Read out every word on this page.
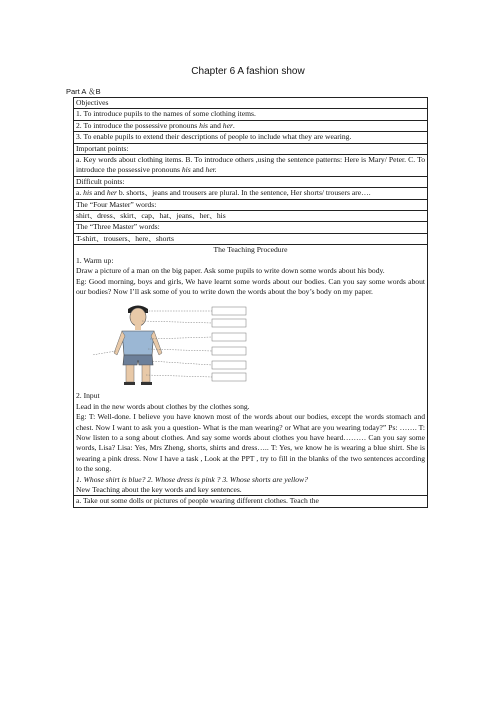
Chapter 6 A fashion show
Part A ＆B
Objectives
1. To introduce pupils to the names of some clothing items.
2. To introduce the possessive pronouns his and her.
3. To enable pupils to extend their descriptions of people to include what they are wearing.
Important points:
a. Key words about clothing items. B. To introduce others ,using the sentence patterns: Here is Mary/ Peter. C. To introduce the possessive pronouns his and her.
Difficult points:
a. his and her b. shorts、jeans and trousers are plural. In the sentence, Her shorts/ trousers are….
The “Four Master” words:
shirt、dress、skirt、cap、hat、jeans、her、his
The “Three Master” words:
T-shirt、trousers、here、shorts

The Teaching Procedure

1. Warm up:

Draw a picture of a man on the big paper. Ask some pupils to write down some words about his body.

Eg: Good morning, boys and girls, We have learnt some words about our bodies. Can you say some words about our bodies? Now I’ll ask some of you to write down the words about the boy’s body on my paper.

2. Input

Lead in the new words about clothes by the clothes song.

Eg: T: Well-done. I believe you have known most of the words about our bodies, except the words stomach and chest. Now I want to ask you a question- What is the man wearing? or What are you wearing today?” Ps: ……. T: Now listen to a song about clothes. And say some words about clothes you have heard……… Can you say some words, Lisa? Lisa: Yes, Mrs Zheng, shorts, shirts and dress….. T: Yes, we know he is wearing a blue shirt. She is wearing a pink dress. Now I have a task , Look at the PPT , try to fill in the blanks of the two sentences according to the song.

1. Whose shirt is blue? 2. Whose dress is pink ? 3. Whose shorts are yellow?

New Teaching about the key words and key sentences.

a. Take out some dolls or pictures of people wearing different clothes. Teach the
